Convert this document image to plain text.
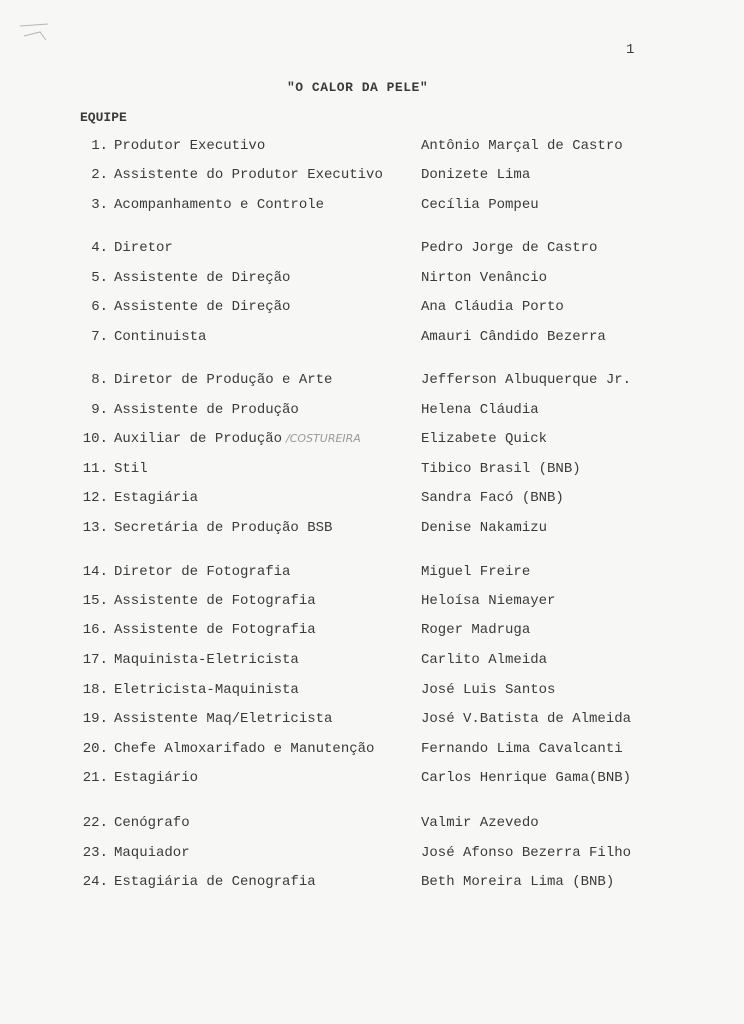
1
"O CALOR DA PELE"
EQUIPE
1. Produtor Executivo	Antônio Marçal de Castro
2. Assistente do Produtor Executivo	Donizete Lima
3. Acompanhamento e Controle	Cecília Pompeu
4. Diretor	Pedro Jorge de Castro
5. Assistente de Direção	Nirton Venâncio
6. Assistente de Direção	Ana Cláudia Porto
7. Continuista	Amauri Cândido Bezerra
8. Diretor de Produção e Arte	Jefferson Albuquerque Jr.
9. Assistente de Produção	Helena Cláudia
10. Auxiliar de Produção /COSTUREIRA	Elizabete Quick
11. Stil	Tibico Brasil (BNB)
12. Estagiária	Sandra Facó (BNB)
13. Secretária de Produção BSB	Denise Nakamizu
14. Diretor de Fotografia	Miguel Freire
15. Assistente de Fotografia	Heloísa Niemayer
16. Assistente de Fotografia	Roger Madruga
17. Maquinista-Eletricista	Carlito Almeida
18. Eletricista-Maquinista	José Luis Santos
19. Assistente Maq/Eletricista	José V.Batista de Almeida
20. Chefe Almoxarifado e Manutenção	Fernando Lima Cavalcanti
21. Estagiário	Carlos Henrique Gama(BNB)
22. Cenógrafo	Valmir Azevedo
23. Maquiador	José Afonso Bezerra Filho
24. Estagiária de Cenografia	Beth Moreira Lima (BNB)
